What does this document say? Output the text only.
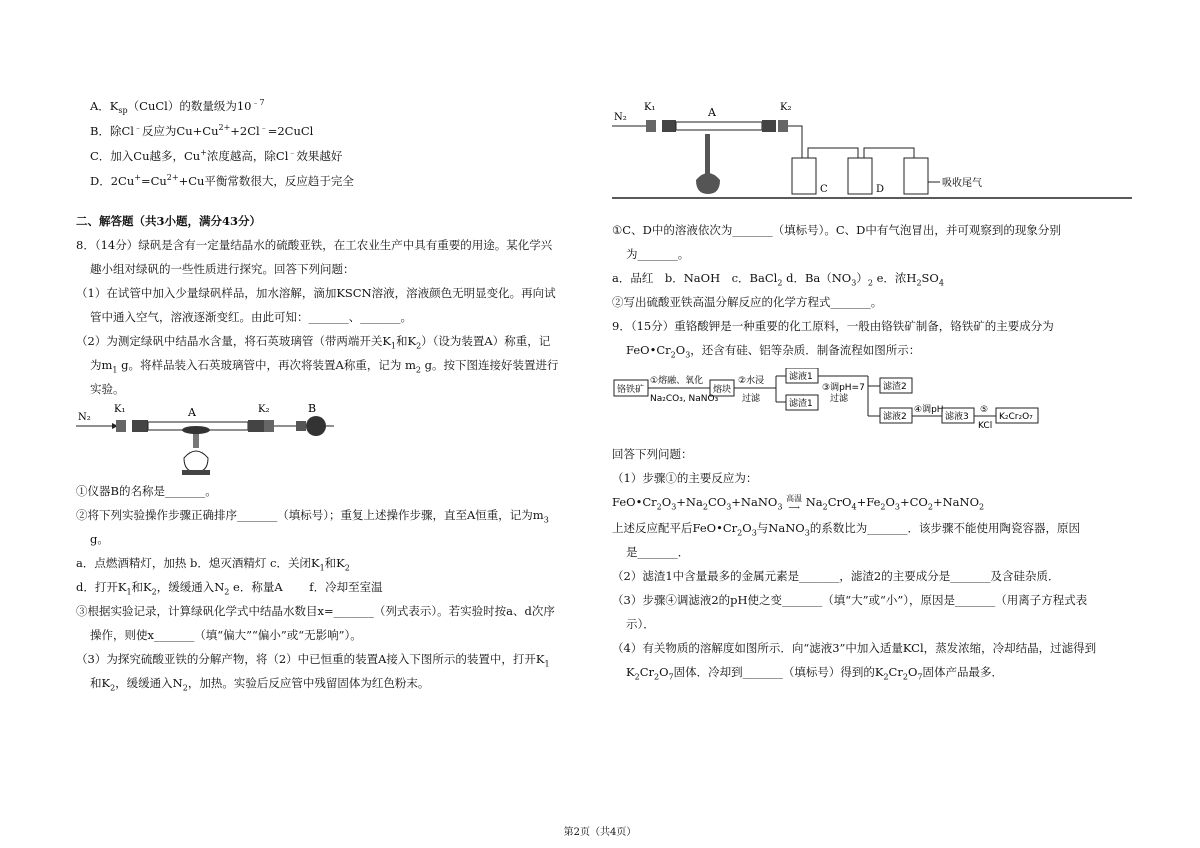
A．$K_{sp}(CuCl)$的数量级为$10^{﹣7}$
B．除Cl﹣反应为$Cu+Cu^{2+}+2Cl^﹣=2CuCl$
C．加入Cu越多，Cu+浓度越高，除Cl﹣效果越好
D．$2Cu^+=Cu^{2+}+Cu$平衡常数很大，反应趋于完全
二、解答题（共3小题，满分43分）
8．（14分）绿矾是含有一定量结晶水的硫酸亚铁，在工农业生产中具有重要的用途。某化学兴
趣小组对绿矾的一些性质进行探究。回答下列问题：
（1）在试管中加入少量绿矾样品，加水溶解，滴加KSCN溶液，溶液颜色无明显变化。再向试
管中通入空气，溶液逐渐变红。由此可知：_______、_______。
（2）为测定绿矾中结晶水含量，将石英玻璃管（带两端开关$K_1$和$K_2$）（设为装置A）称重，记
为$m_1$ g。将样品装入石英玻璃管中，再次将装置A称重，记为 $m_2$ g。按下图连接好装置进行
实验。
N₂
K₁	A	K₂	B
①仪器B的名称是_______。
②将下列实验操作步骤正确排序_______（填标号）；重复上述操作步骤，直至A恒重，记为$m_3$
g。
a．点燃酒精灯，加热 b．熄灭酒精灯 c．关闭$K_1$和$K_2$
d．打开$K_1$和$K_2$，缓缓通入$N_2$ e．称量A　　 f．冷却至室温
③根据实验记录，计算绿矾化学式中结晶水数目x=_______（列式表示）。若实验时按a、d次序
操作，则使x_______（填“偏大”“偏小”或“无影响”）。
（3）为探究硫酸亚铁的分解产物，将（2）中已恒重的装置A接入下图所示的装置中，打开$K_1$
和$K_2$，缓缓通入$N_2$，加热。实验后反应管中残留固体为红色粉末。
N₂
K₁	A	K₂
C	D
吸收尾气
①C、D中的溶液依次为_______（填标号）。C、D中有气泡冒出，并可观察到的现象分别
为_______。
a．品红　b．NaOH　c．BaCl$_2$ d．$Ba(NO_3)_2$ e．浓$H_2SO_4$
②写出硫酸亚铁高温分解反应的化学方程式_______。
9．（15分）重铬酸钾是一种重要的化工原料，一般由铬铁矿制备，铬铁矿的主要成分为
$FeO•Cr_2O_3$，还含有硅、铝等杂质．制备流程如图所示：
铬铁矿
①熔融、氧化
Na₂CO₃, NaNO₃
熔块
②水浸
过滤
滤液1
滤渣1
③调pH=7
过滤
滤渣2
滤液2
④调pH
滤液3
⑤
KCl
K₂Cr₂O₇
回答下列问题：
（1）步骤①的主要反应为：
$FeO•Cr_2O_3+Na_2CO_3+NaNO_3$ 高温
⟶ $Na_2CrO_4+Fe_2O_3+CO_2+NaNO_2$
上述反应配平后$FeO•Cr_2O_3$与NaNO$_3$的系数比为_______．该步骤不能使用陶瓷容器，原因
是_______．
（2）滤渣1中含量最多的金属元素是_______，滤渣2的主要成分是_______及含硅杂质．
（3）步骤④调滤液2的pH使之变_______（填“大”或“小”），原因是_______（用离子方程式表
示）．
（4）有关物质的溶解度如图所示．向“滤液3”中加入适量KCl，蒸发浓缩，冷却结晶，过滤得到
$K_2Cr_2O_7$固体．冷却到_______（填标号）得到的$K_2Cr_2O_7$固体产品最多．
第2页（共4页）
